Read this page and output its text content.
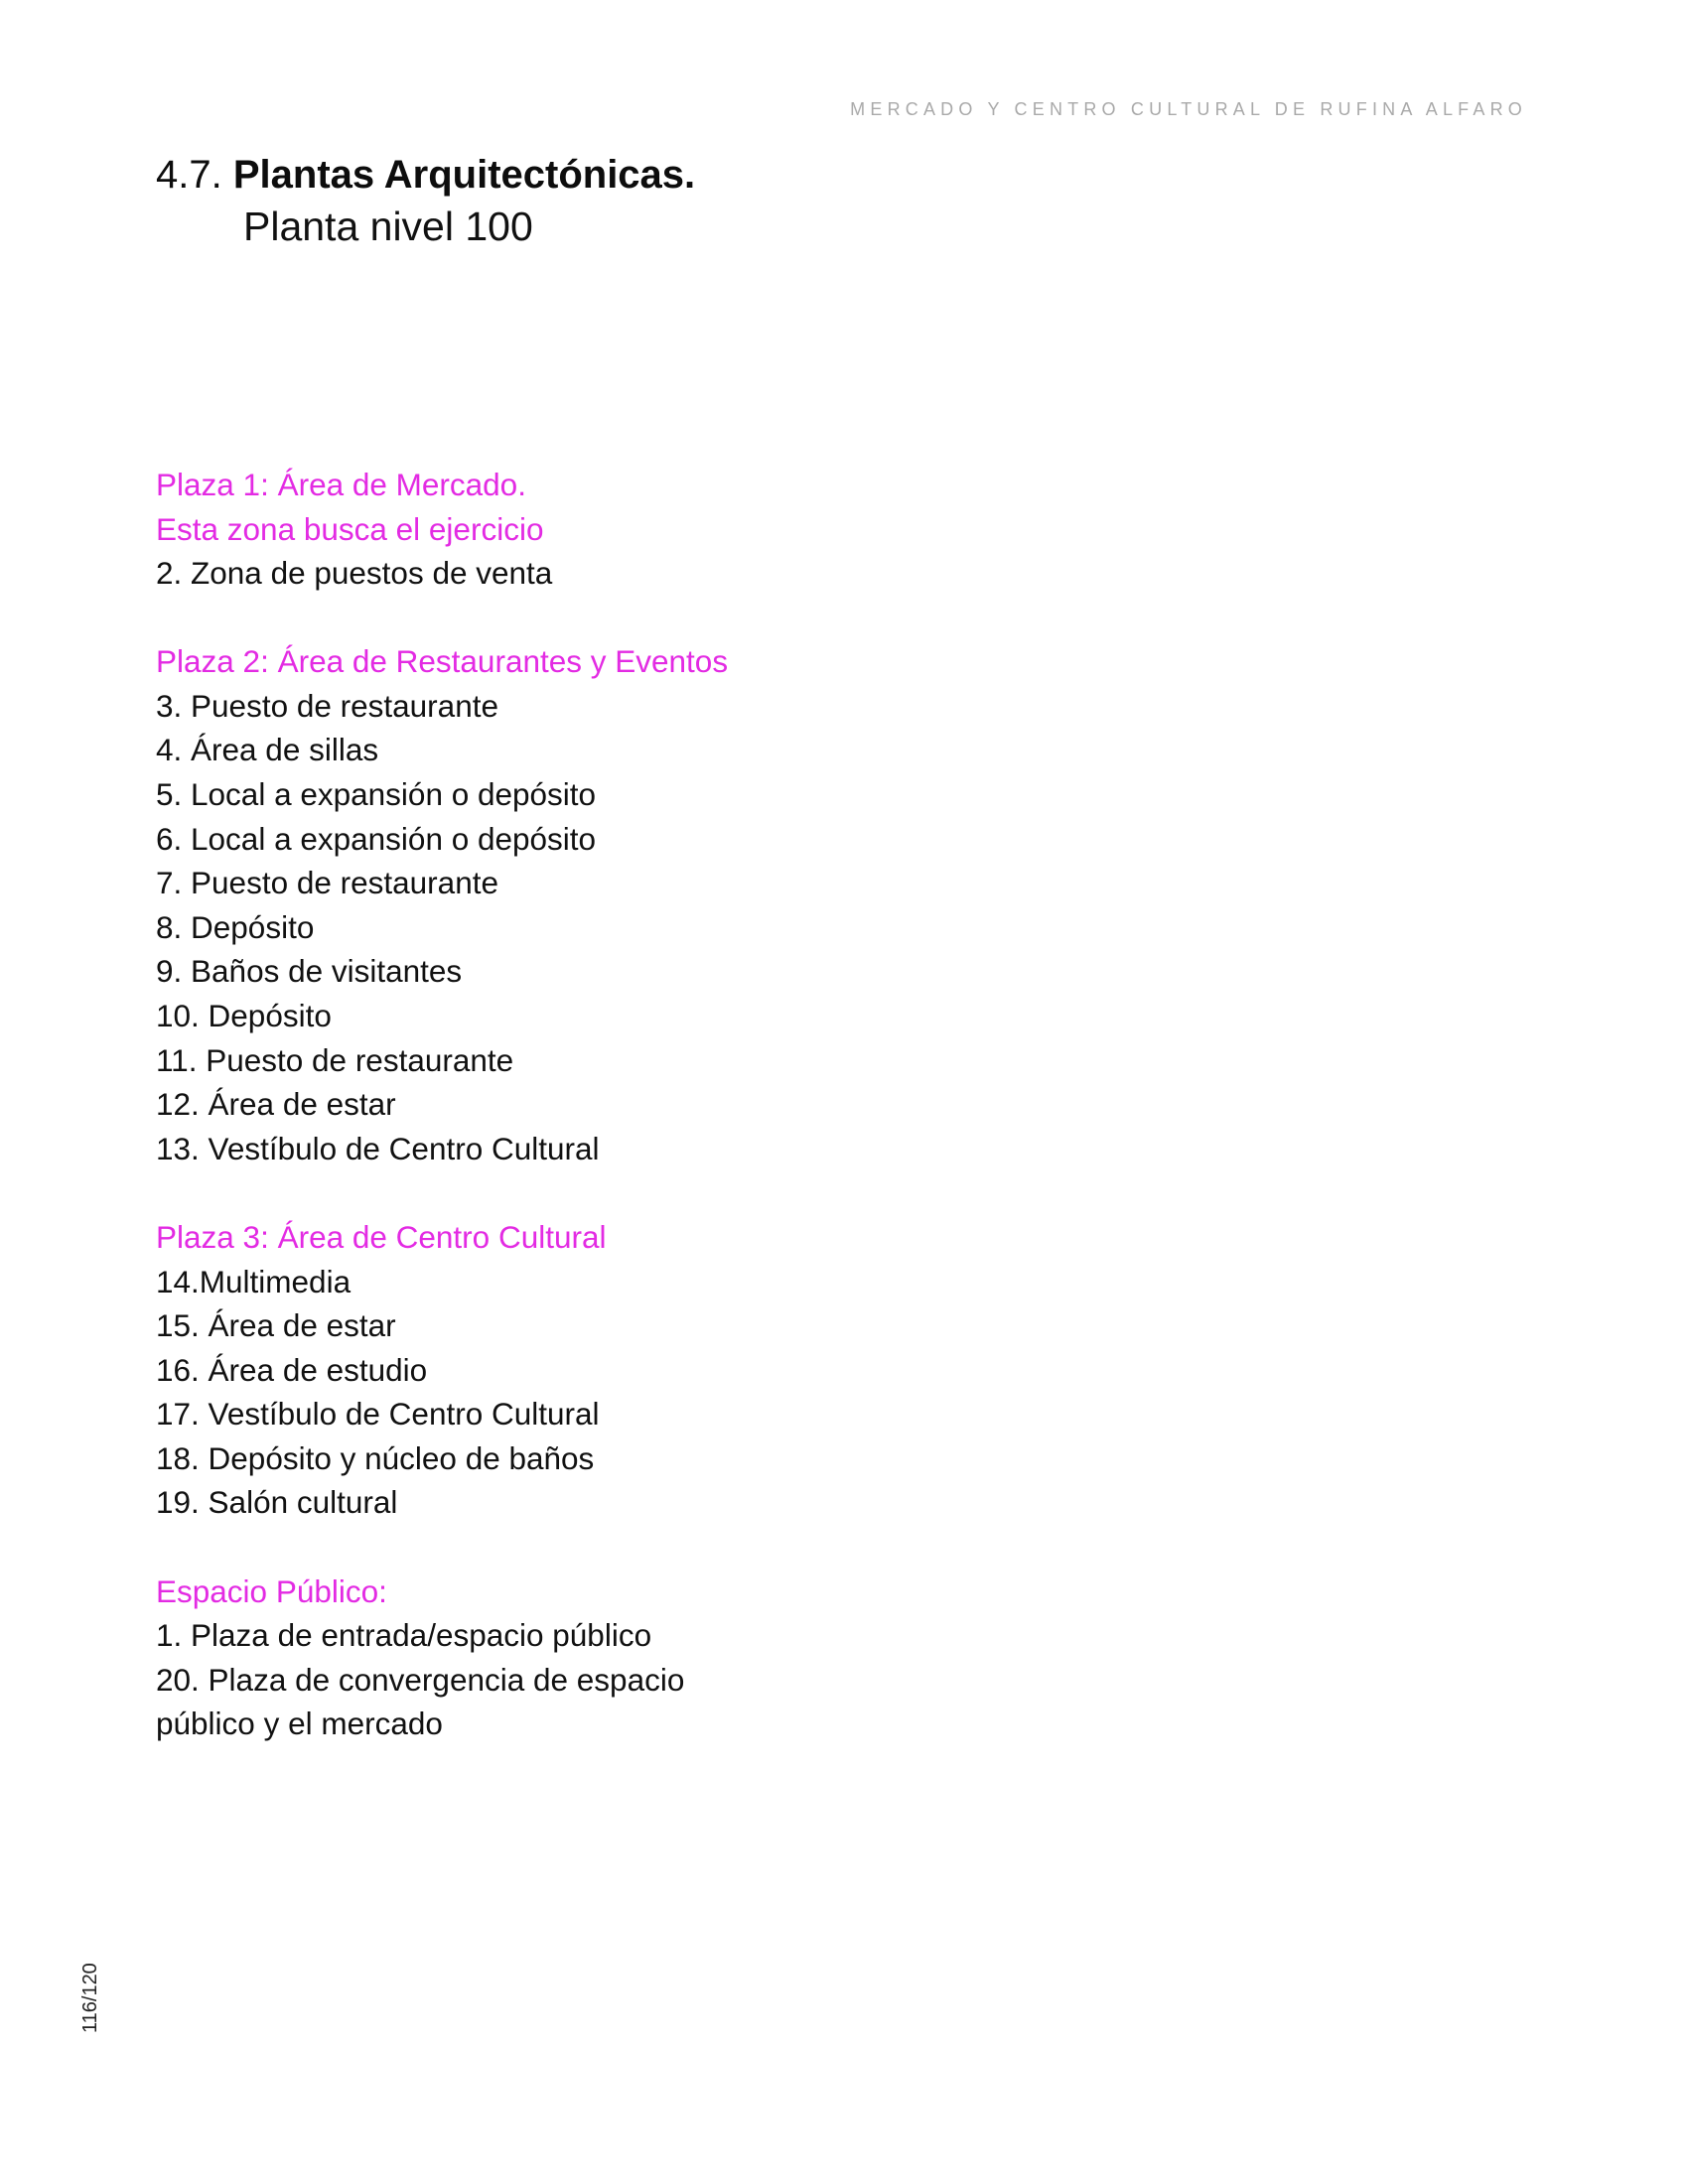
MERCADO Y CENTRO CULTURAL DE RUFINA ALFARO
4.7. Plantas Arquitectónicas.
Planta nivel 100
Plaza 1: Área de Mercado.
Esta zona busca el ejercicio
2. Zona de puestos de venta
Plaza 2: Área de Restaurantes y Eventos
3. Puesto de restaurante
4. Área de sillas
5. Local a expansión o depósito
6. Local a expansión o depósito
7. Puesto de restaurante
8. Depósito
9. Baños de visitantes
10. Depósito
11. Puesto de restaurante
12. Área de estar
13. Vestíbulo de Centro Cultural
Plaza 3: Área de Centro Cultural
14.Multimedia
15. Área de estar
16. Área de estudio
17. Vestíbulo de Centro Cultural
18. Depósito y núcleo de baños
19. Salón cultural
Espacio Público:
1. Plaza de entrada/espacio público
20. Plaza de convergencia de espacio
público y el mercado
116/120
